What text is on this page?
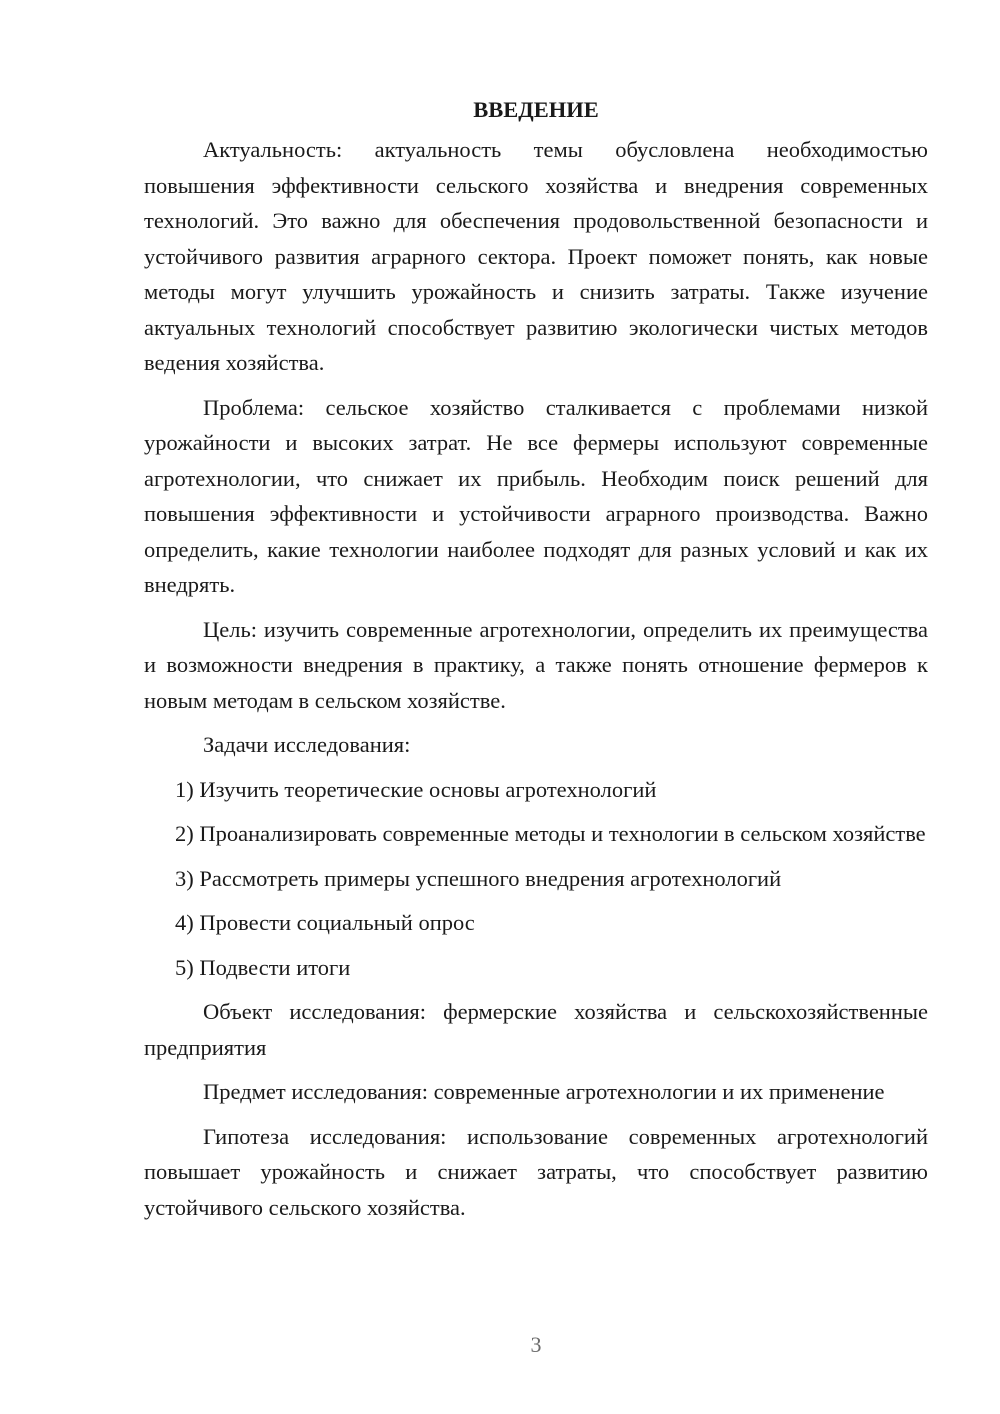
ВВЕДЕНИЕ

Актуальность: актуальность темы обусловлена необходимостью повышения эффективности сельского хозяйства и внедрения современных технологий. Это важно для обеспечения продовольственной безопасности и устойчивого развития аграрного сектора. Проект поможет понять, как новые методы могут улучшить урожайность и снизить затраты. Также изучение актуальных технологий способствует развитию экологически чистых методов ведения хозяйства.

Проблема: сельское хозяйство сталкивается с проблемами низкой урожайности и высоких затрат. Не все фермеры используют современные агротехнологии, что снижает их прибыль. Необходим поиск решений для повышения эффективности и устойчивости аграрного производства. Важно определить, какие технологии наиболее подходят для разных условий и как их внедрять.

Цель: изучить современные агротехнологии, определить их преимущества и возможности внедрения в практику, а также понять отношение фермеров к новым методам в сельском хозяйстве.

Задачи исследования:

1) Изучить теоретические основы агротехнологий

2) Проанализировать современные методы и технологии в сельском хозяйстве

3) Рассмотреть примеры успешного внедрения агротехнологий

4) Провести социальный опрос

5) Подвести итоги

Объект исследования: фермерские хозяйства и сельскохозяйственные предприятия

Предмет исследования: современные агротехнологии и их применение

Гипотеза исследования: использование современных агротехнологий повышает урожайность и снижает затраты, что способствует развитию устойчивого сельского хозяйства.

3
